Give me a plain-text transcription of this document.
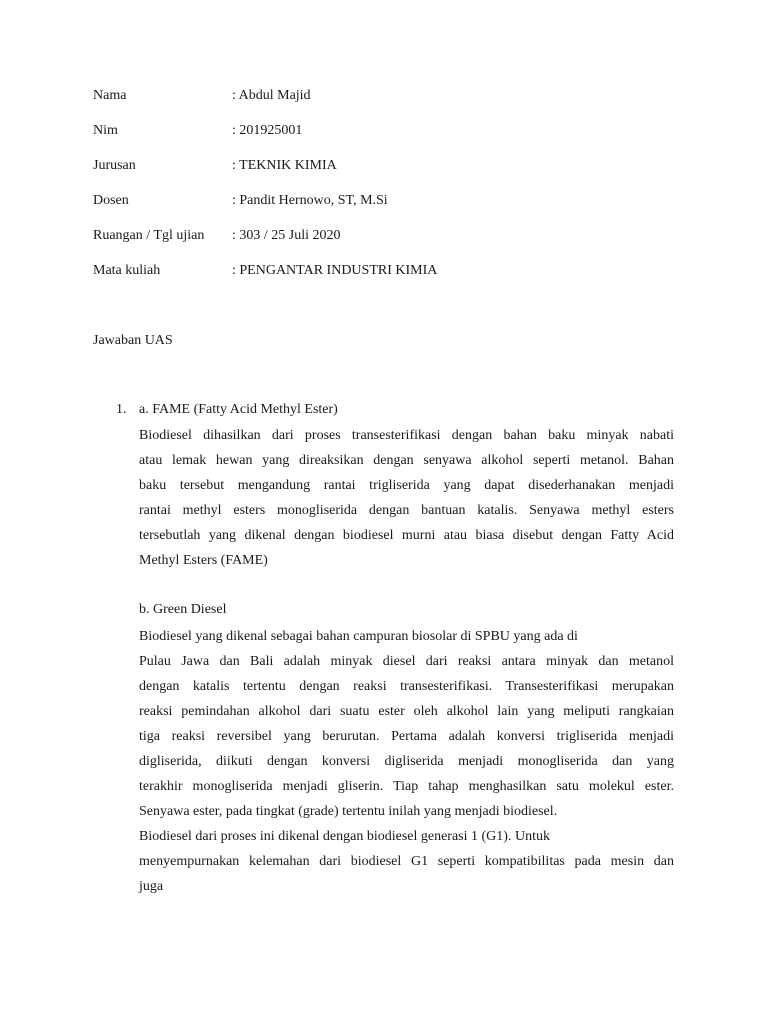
Nama	: Abdul Majid
Nim	: 201925001
Jurusan	: TEKNIK KIMIA
Dosen	: Pandit Hernowo, ST, M.Si
Ruangan / Tgl ujian : 303 / 25 Juli 2020
Mata kuliah	: PENGANTAR INDUSTRI KIMIA
Jawaban UAS
1. a. FAME (Fatty Acid Methyl Ester)
Biodiesel dihasilkan dari proses transesterifikasi dengan bahan baku minyak nabati
atau lemak hewan yang direaksikan dengan senyawa alkohol seperti metanol. Bahan
baku tersebut mengandung rantai trigliserida yang dapat disederhanakan menjadi
rantai methyl esters monogliserida dengan bantuan katalis. Senyawa methyl esters
tersebutlah yang dikenal dengan biodiesel murni atau biasa disebut dengan Fatty Acid
Methyl Esters (FAME)
b. Green Diesel
Biodiesel yang dikenal sebagai bahan campuran biosolar di SPBU yang ada di
Pulau Jawa dan Bali adalah minyak diesel dari reaksi antara minyak dan metanol
dengan katalis tertentu dengan reaksi transesterifikasi. Transesterifikasi merupakan
reaksi pemindahan alkohol dari suatu ester oleh alkohol lain yang meliputi rangkaian
tiga reaksi reversibel yang berurutan. Pertama adalah konversi trigliserida menjadi
digliserida, diikuti dengan konversi digliserida menjadi monogliserida dan yang
terakhir monogliserida menjadi gliserin. Tiap tahap menghasilkan satu molekul ester.
Senyawa ester, pada tingkat (grade) tertentu inilah yang menjadi biodiesel.
Biodiesel dari proses ini dikenal dengan biodiesel generasi 1 (G1). Untuk
menyempurnakan kelemahan dari biodiesel G1 seperti kompatibilitas pada mesin dan
juga
